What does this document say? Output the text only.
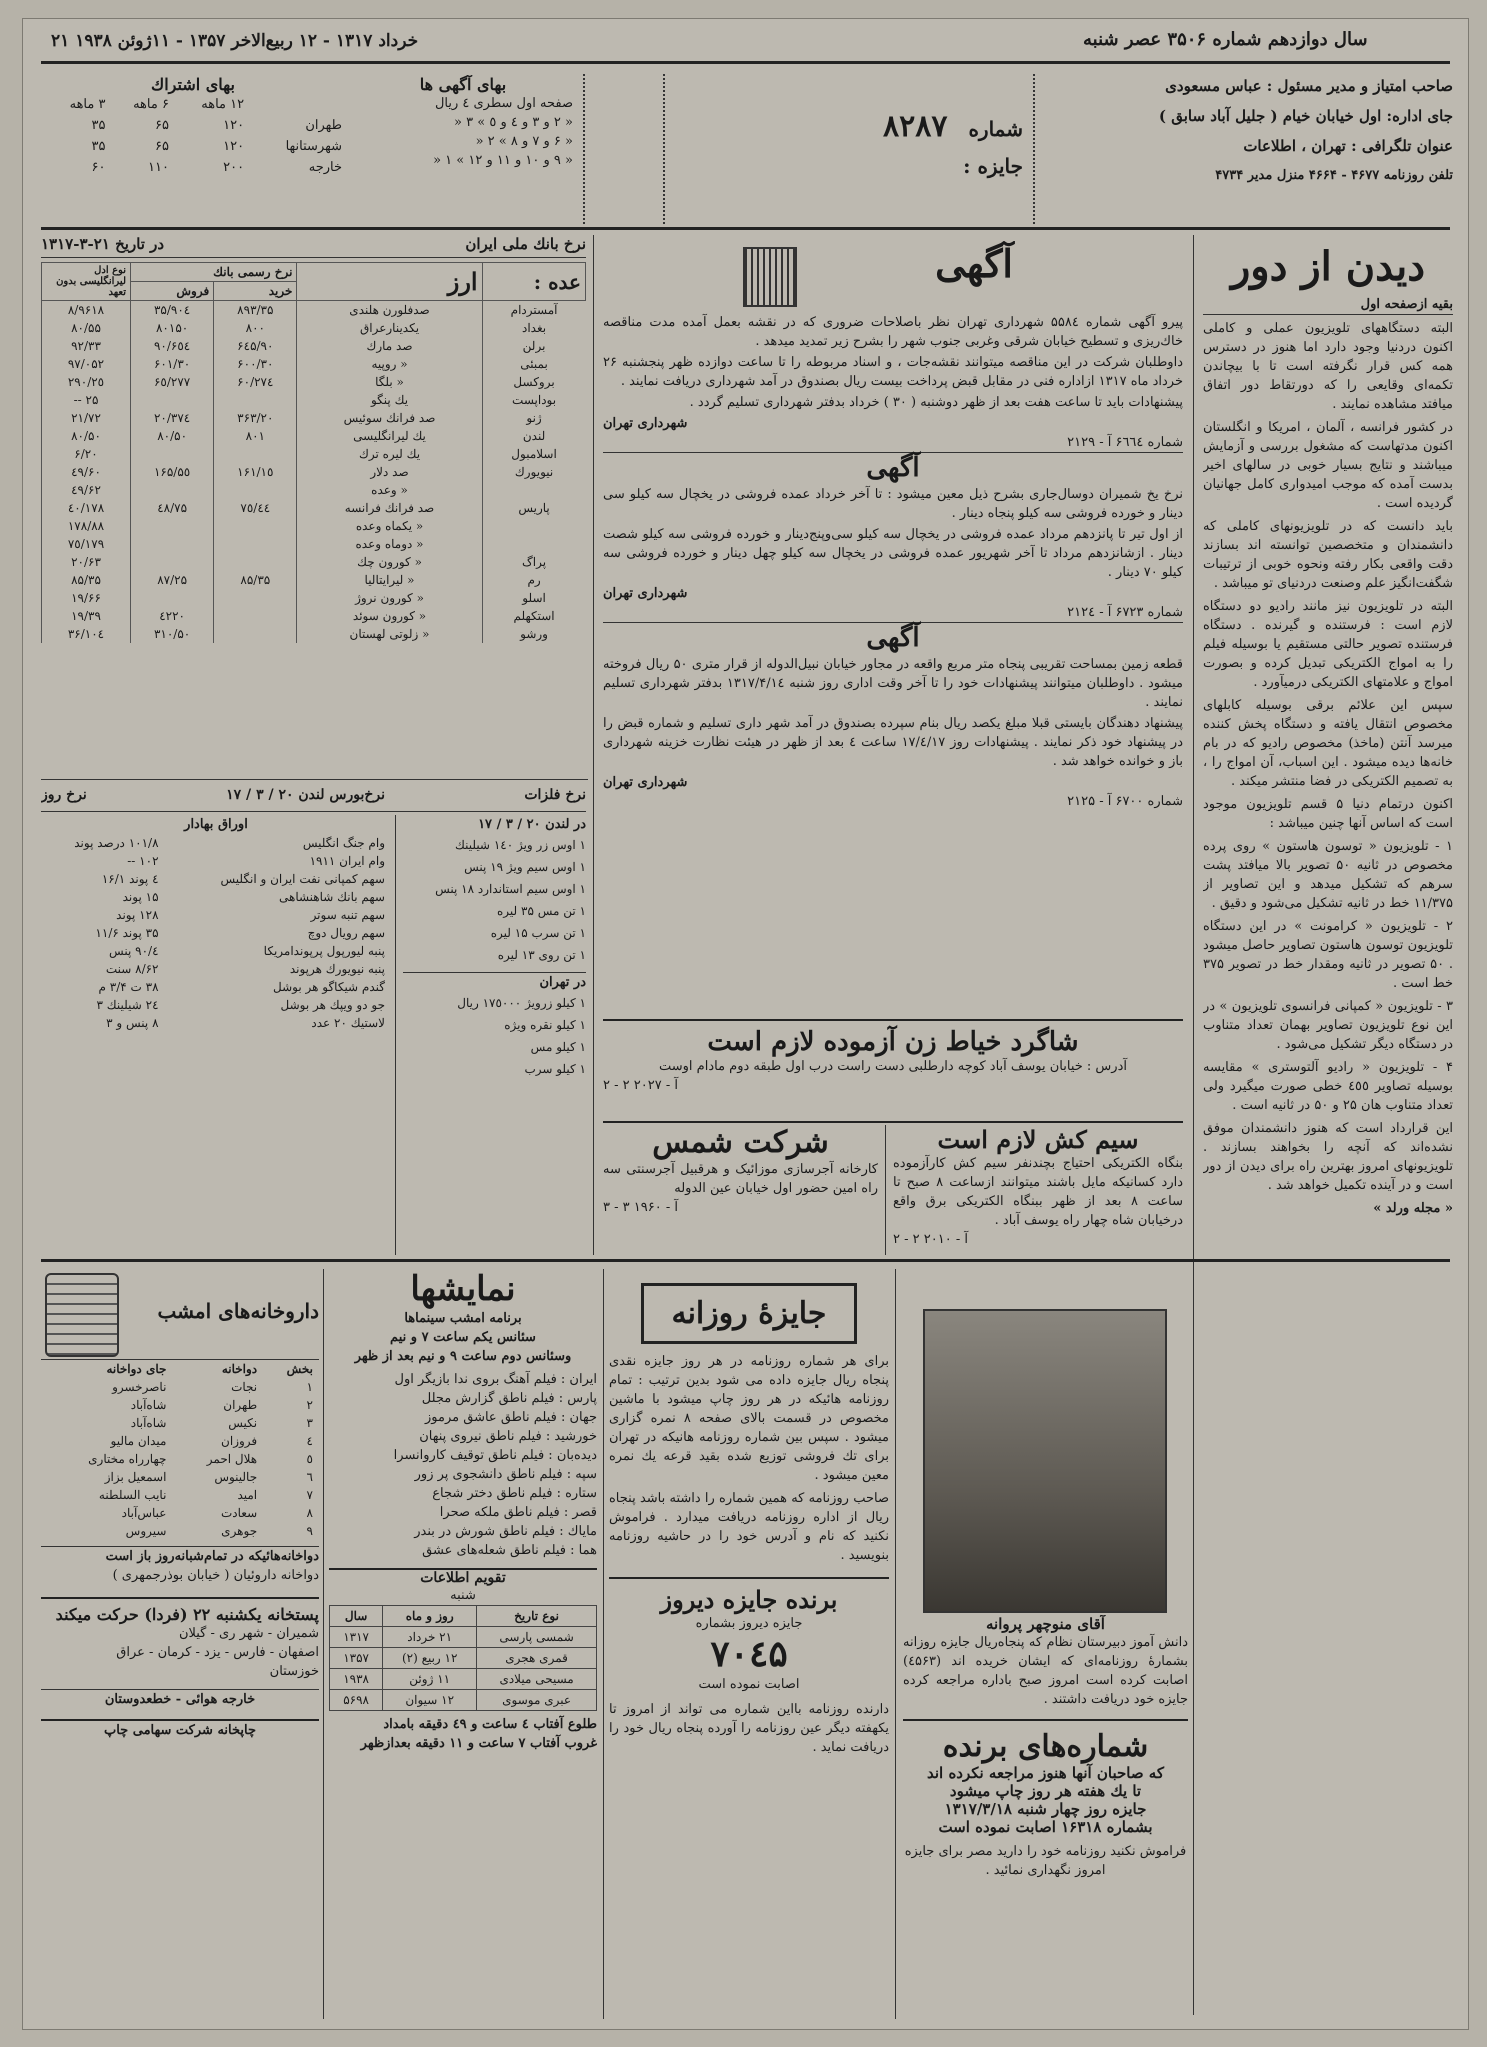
سال دوازدهم شماره ۳۵۰۶ عصر شنبه
۲۱ خرداد ۱۳۱۷ - ۱۲ ربیع‌الاخر ۱۳۵۷ - ۱۱ژوئن ۱۹۳۸
صاحب امتیاز و مدیر مسئول : عباس مسعودی
جای اداره: اول خیابان خیام ( جلیل آباد سابق )
عنوان تلگرافی : تهران ، اطلاعات
تلفن روزنامه ۴۶۷۷ - ۴۶۶۴ منزل مدیر ۴۷۳۴
شماره ۸۲۸۷
جایزه :
بهای آگهی ها
صفحه اول سطری ٤ ریال
« ۲ و ۳ و ٤ و ٥ » ۳ «
« ۶ و ۷ و ۸ » ۲ «
« ۹ و ۱۰ و ۱۱ و ۱۲ » ۱ «
بهای اشتراك
	۱۲ ماهه	۶ ماهه	۳ ماهه
طهران	۱۲۰	۶۵	۳۵
شهرستانها	۱۲۰	۶۵	۳۵
خارجه	۲۰۰	۱۱۰	۶۰
دیدن از دور
بقیه ازصفحه اول

البته دستگاههای تلویزیون عملی و کاملی اکنون دردنیا وجود دارد اما هنوز در دسترس همه کس قرار نگرفته است تا با بیچاندن تکمه‌ای وقایعی را که دورتقاط دور اتفاق میافتد مشاهده نمایند .

در کشور فرانسه ، آلمان ، امریکا و انگلستان اکنون مدتهاست که مشغول بررسی و آزمایش میباشند و نتایج بسیار خوبی در سالهای اخیر بدست آمده که موجب امیدواری کامل جهانیان گردیده است .

باید دانست که در تلویزیونهای کاملی که دانشمندان و متخصصین توانسته اند بسازند دقت واقعی بکار رفته ونحوه خوبی از ترتیبات شگفت‌انگیز علم وصنعت دردنیای تو میباشد .

البته در تلویزیون نیز مانند رادیو دو دستگاه لازم است : فرستنده و گیرنده . دستگاه فرستنده تصویر حالتی مستقیم یا بوسیله فیلم را به امواج الکتریکی تبدیل کرده و بصورت امواج و علامتهای الکتریکی درمیآورد .

سپس این علائم برقی بوسیله کابلهای مخصوص انتقال یافته و دستگاه پخش کننده میرسد آنتن (ماخذ) مخصوص رادیو که در بام خانه‌ها دیده میشود . این اسباب، آن امواج را ، به تصمیم الکتریکی در فضا منتشر میکند .

اکنون درتمام دنیا ۵ قسم تلویزیون موجود است که اساس آنها چنین میباشد :

۱ - تلویزیون « توسون هاستون » روی پرده مخصوص در ثانیه ۵۰ تصویر بالا میافتد پشت سرهم که تشکیل میدهد و این تصاویر از ۱۱/۳۷۵ خط در ثانیه تشکیل می‌شود و دقیق .

۲ - تلویزیون « کرامونت » در این دستگاه تلویزیون توسون هاستون تصاویر حاصل میشود . ۵۰ تصویر در ثانیه ومقدار خط در تصویر ۳۷۵ خط است .

۳ - تلویزیون « کمپانی فرانسوی تلویزیون » در این نوع تلویزیون تصاویر بهمان تعداد متناوب در دستگاه دیگر تشکیل می‌شود .

۴ - تلویزیون « رادیو آلتوستری » مقایسه بوسیله تصاویر ٤٥٥ خطی صورت میگیرد ولی تعداد متناوب هان ۲۵ و ۵۰ در ثانیه است .

این قرارداد است که هنوز دانشمندان موفق نشده‌اند که آنچه را بخواهند بسازند . تلویزیونهای امروز بهترین راه برای دیدن از دور است و در آینده تکمیل خواهد شد .

« مجله ورلد »

آگهی

پیرو آگهی شماره ۵۵۸٤ شهرداری تهران نظر باصلاحات ضروری که در نقشه بعمل آمده مدت مناقصه خاك‌ریزی و تسطیح خیابان شرقی وغربی جنوب شهر را بشرح زیر تمدید میدهد .

داوطلبان شرکت در این مناقصه میتوانند نقشه‌جات ، و اسناد مربوطه را تا ساعت دوازده ظهر پنجشنبه ۲۶ خرداد ماه ۱۳۱۷ ازاداره فنی در مقابل قبض پرداخت بیست ریال بصندوق در آمد شهرداری دریافت نمایند .

پیشنهادات باید تا ساعت هفت بعد از ظهر دوشنبه ( ۳۰ ) خرداد بدفتر شهرداری تسلیم گردد .

شهرداری تهران
شماره ۶٦٦٤ آ - ۲۱۲۹
آگهی

نرخ یخ شمیران دوسال‌جاری بشرح ذیل معین میشود : تا آخر خرداد عمده فروشی در یخچال سه کیلو سی دینار و خورده فروشی سه کیلو پنجاه دینار .

از اول تیر تا پانزدهم مرداد عمده فروشی در یخچال سه کیلو سی‌وپنج‌دینار و خورده فروشی سه کیلو شصت دینار . ازشانزدهم مرداد تا آخر شهریور عمده فروشی در یخچال سه کیلو چهل دینار و خورده فروشی سه کیلو ۷۰ دینار .

شهرداری تهران
شماره ۶۷۲۳ آ - ۲۱۲٤
آگهی

قطعه زمین بمساحت تقریبی پنجاه متر مربع واقعه در مجاور خیابان نبیل‌الدوله از قرار متری ۵۰ ریال فروخته میشود . داوطلبان میتوانند پیشنهادات خود را تا آخر وقت اداری روز شنبه ۱۳۱۷/۴/۱٤ بدفتر شهرداری تسلیم نمایند .

پیشنهاد دهندگان بایستی قبلا مبلغ یکصد ریال بنام سپرده بصندوق در آمد شهر داری تسلیم و شماره قبض را در پیشنهاد خود ذکر نمایند . پیشنهادات روز ۱۷/٤/۱۷ ساعت ٤ بعد از ظهر در هیئت نظارت خزینه شهرداری باز و خوانده خواهد شد .

شهرداری تهران
شماره ۶۷۰۰ آ - ۲۱۲۵
شاگرد خیاط زن آزموده لازم است
آدرس : خیابان یوسف آباد کوچه دارطلبی دست راست درب اول طبقه دوم مادام اوست
آ - ۲۰۲۷ ۲ - ۲
سیم کش لازم است
بنگاه الکتریکی احتیاج بچندنفر سیم کش کارآزموده دارد کسانیکه مایل باشند میتوانند ازساعت ۸ صبح تا ساعت ۸ بعد از ظهر ببنگاه الکتریکی برق واقع درخیابان شاه چهار راه یوسف آباد .
آ - ۲۰۱۰ ۲ - ۲
شرکت شمس
کارخانه آجرسازی موزائیک و هرقبیل آجرسنتی سه راه امین حضور اول خیابان عین الدوله
آ - ۱۹۶۰ ۳ - ۳
نرخ بانك ملی ایران
در تاریخ ۲۱-۳-۱۳۱۷
عده :	ارز	نرخ رسمی بانك		نوع ادل لیرانگلیسی بدون تعهد
		خرید	فروش	
آمستردام	صدفلورن هلندی	۸۹۳/۳۵	۹۰٤/۳۵	۸/۹۶۱۸
بغداد	یکدینارعراق	۸۰۰	۸۰۱۵۰	۸۰/۵۵
برلن	صد مارك	۶٤۵/۹۰	۶٥٤/۹۰	۹۲/۳۳
بمبئی	« روپیه	۶۰۰/۳۰	۶۰۱/۳۰	۹۷/۰۵۲
بروکسل	« بلگا	۲٧٤/۶٠	۲٧٧/۶٥	۲۹۰/۲٥
بوداپست	یك پنگو			۲۵ --
ژنو	صد فرانك سوئیس	۳۶۳/۲٠	۳۷٤/۲۰	۲۱/۷۲
لندن	یك لیرانگلیسی	۸۰۱	۸۰/۵۰	۸۰/۵۰
اسلامبول	یك لیره ترك			۶/۲۰
نیویورك	صد دلار	۱۶۱/۱٥	۱۶۵/۵٥	٤۹/۶۰
	« وعده			٤۹/۶۲
پاریس	صد فرانك فرانسه	٤٤/۷٥	٤۸/۷۵	۱۷۸/٤۰
	« یکماه وعده			۱۷۸/۸۸
	« دوماه وعده			۱۷۹/٧٥
پراگ	« کورون چك			۲۰/۶۳
رم	« لیرایتالیا	۸۵/۳۵	۸۷/۲۵	۸۵/۳۵
اسلو	« کورون نروژ			۱۹/۶۶
استکهلم	« کورون سوئد		٤۲۲٠	۱۹/۳۹
ورشو	« زلوتی لهستان		۳۱۰/۵۰	۳۶/۱۰٤
نرخ فلزات
نرخ‌بورس لندن ۲۰ / ۳ / ۱۷
نرخ روز
در لندن ۲۰ / ۳ / ۱۷
۱ اوس زر ویژ ۱٤۰ شیلینك
۱ اوس سیم ویژ ۱۹ پنس
۱ اوس سیم استاندارد ۱۸ پنس
۱ تن مس ۳۵ لیره
۱ تن سرب ۱۵ لیره
۱ تن روی ۱۳ لیره
در تهران
۱ کیلو زرویژ ۱۷٥٠٠٠ ریال
۱ کیلو نقره ویژه
۱ کیلو مس
۱ کیلو سرب
اوراق بهادار
وام جنگ انگلیس	۱۰۱/۸ درصد پوند
وام ایران ۱۹۱۱	۱۰۲ --
سهم کمپانی نفت ایران و انگلیس	٤ پوند ۱۶/۱
سهم بانك شاهنشاهی	۱۵ پوند
سهم تنبه سوتر	۱۲۸ پوند
سهم رویال دوچ	۳۵ پوند ۱۱/۶
پنبه لیورپول پرپوندامریکا	٤/۹۰ پنس
پنبه نیویورك هرپوند	۸/۶۲ سنت
گندم شیکاگو هر بوشل	۳۸ ت ۳/۴ م
جو دو ویپك هر بوشل	۲٤ شیلینك ۳
لاستیك ۲۰ عدد	۸ پنس و ۳
داروخانه‌های امشب
بخش	دواخانه	جای دواخانه
۱	نجات	ناصرخسرو
۲	طهران	شاه‌آباد
۳	نکیس	شاه‌آباد
٤	فروزان	میدان مالیو
٥	هلال احمر	چهارراه مختاری
٦	جالینوس	اسمعیل بزاز
۷	امید	نایب السلطنه
۸	سعادت	عباس‌آباد
۹	جوهری	سیروس
دواخانه‌هائیکه در تمام‌شبانه‌روز باز است
دواخانه داروئیان ( خیابان بوذرجمهری )
پستخانه یکشنبه ۲۲ (فردا) حرکت میکند
شمیران - شهر ری - گیلان
اصفهان - فارس - یزد - کرمان - عراق
خوزستان
خارجه هوائی - خطعدوستان
چاپخانه شرکت سهامی چاپ
نمایشها
برنامه امشب سینماها
سئانس یکم ساعت ۷ و نیم
وسئانس دوم ساعت ۹ و نیم بعد از ظهر
ایران : فیلم آهنگ بروی ندا بازیگر اول
پارس : فیلم ناطق گزارش مجلل
جهان : فیلم ناطق عاشق مرموز
خورشید : فیلم ناطق نیروی پنهان
دیده‌بان : فیلم ناطق توقیف کاروانسرا
سپه : فیلم ناطق دانشجوی پر زور
ستاره : فیلم ناطق دختر شجاع
قصر : فیلم ناطق ملکه صحرا
مایاك : فیلم ناطق شورش در بندر
هما : فیلم ناطق شعله‌های عشق
تقویم اطلاعات
شنبه
نوع تاریخ	روز و ماه	سال
شمسی پارسی	۲۱ خرداد	۱۳۱۷
قمری هجری	۱۲ ربیع (۲)	۱۳۵۷
مسیحی میلادی	۱۱ ژوئن	۱۹۳۸
عبری موسوی	۱۲ سیوان	۵۶۹۸
طلوع آفتاب ٤ ساعت و ٤۹ دقیقه بامداد
غروب آفتاب ۷ ساعت و ۱۱ دقیقه بعدازظهر
جایزهٔ روزانه
برای هر شماره روزنامه در هر روز جایزه نقدی پنجاه ریال جایزه داده می شود بدین ترتیب : تمام روزنامه هائیکه در هر روز چاپ میشود با ماشین مخصوص در قسمت بالای صفحه ۸ نمره گزاری میشود . سپس بین شماره روزنامه هانیکه در تهران برای تك فروشی توزیع شده بقید قرعه یك نمره معین میشود .
صاحب روزنامه که همین شماره را داشته باشد پنجاه ریال از اداره روزنامه دریافت میدارد . فراموش نکنید که نام و آدرس خود را در حاشیه روزنامه بنویسید .
برنده جایزه دیروز
جایزه دیروز بشماره
۷۰٤۵
اصابت نموده است
دارنده روزنامه بااین شماره می تواند از امروز تا یکهفته دیگر عین روزنامه را آورده پنجاه ریال خود را دریافت نماید .
آقای منوچهر پروانه
دانش آموز دبیرستان نظام که پنجاه‌ریال جایزه روزانه بشمارهٔ روزنامه‌ای که ایشان خریده اند (٤۵۶۳) اصابت کرده است امروز صبح باداره مراجعه کرده جایزه خود دریافت داشتند .
شماره‌های برنده
که صاحبان آنها هنوز مراجعه نکرده اند
تا یك هفته هر روز چاپ میشود
جایزه روز چهار شنبه ۱۳۱۷/۳/۱۸
بشماره ۱۶۳۱۸ اصابت نموده است
فراموش نکنید روزنامه خود را دارید مصر برای جایزه امروز نگهداری نمائید .
